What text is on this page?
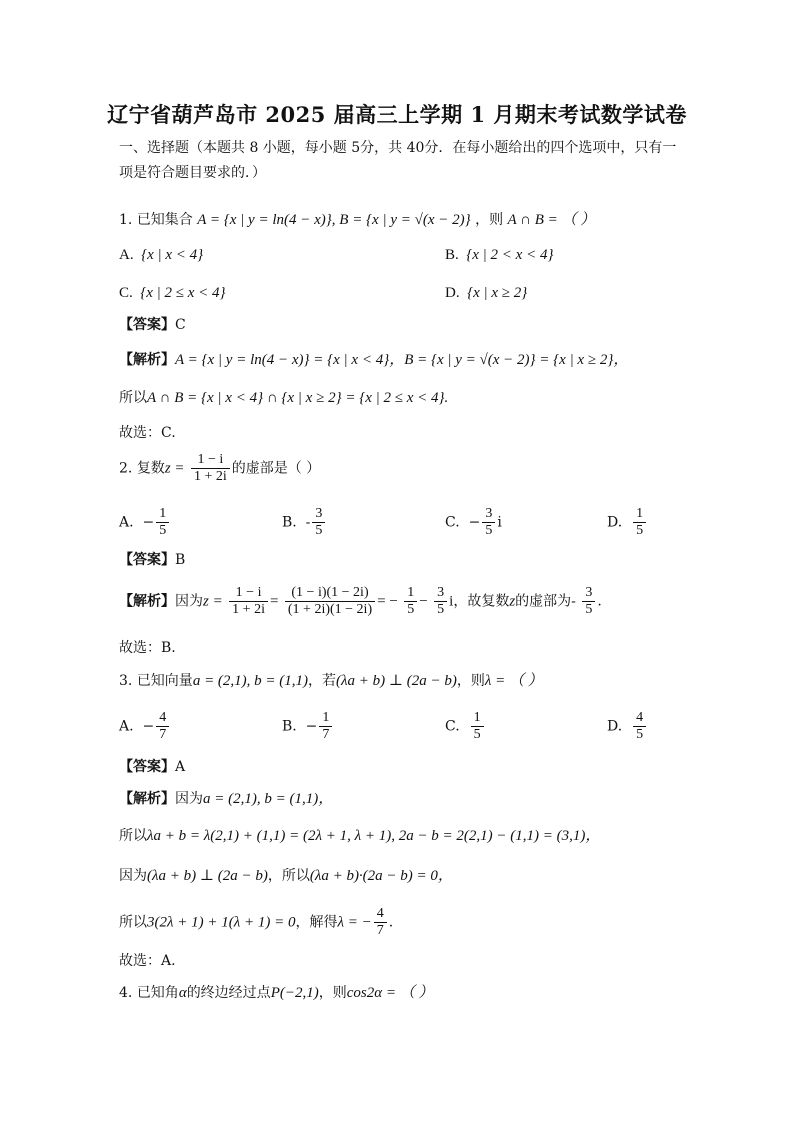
辽宁省葫芦岛市 2025 届高三上学期 1 月期末考试数学试卷
一、选择题（本题共 8 小题，每小题 5分，共 40分．在每小题给出的四个选项中，只有一
项是符合题目要求的．）
1. 已知集合 A = {x | y = ln(4 − x)}, B = {x | y = √(x − 2)} ，则 A ∩ B = （ ）
A. {x | x < 4}	B. {x | 2 < x < 4}
C. {x | 2 ≤ x < 4}	D. {x | x ≥ 2}
【答案】C
【解析】A = {x | y = ln(4 − x)} = {x | x < 4}，B = {x | y = √(x − 2)} = {x | x ≥ 2}，
所以A ∩ B = {x | x < 4} ∩ {x | x ≥ 2} = {x | 2 ≤ x < 4}.
故选：C.
2. 复数$z = \frac{1 - i}{1 + 2i}$ 的虚部是（ ）
A. − $\frac{1}{5}$	B. - $\frac{3}{5}$	C. − $\frac{3}{5}$ i	D. $\frac{1}{5}$
【答案】B
【解析】因为$z = \frac{1 - i}{1 + 2i} = \frac{(1 - i)(1 - 2i)}{(1 + 2i)(1 - 2i)}$ = − $\frac{1}{5} - \frac{3}{5}$ i，故复数z的虚部为- $\frac{3}{5}$ .
故选：B.
3. 已知向量a = (2,1), b = (1,1)，若(λa + b) ⊥ (2a − b)，则λ = （ ）
A. − $\frac{4}{7}$	B. − $\frac{1}{7}$	C. $\frac{1}{5}$	D. $\frac{4}{5}$
【答案】A
【解析】因为a = (2,1), b = (1,1)，
所以λa + b = λ(2,1) + (1,1) = (2λ + 1, λ + 1), 2a − b = 2(2,1) − (1,1) = (3,1)，
因为(λa + b) ⊥ (2a − b)，所以(λa + b)·(2a − b) = 0，
所以3(2λ + 1) + 1(λ + 1) = 0，解得λ = − $\frac{4}{7}$ .
故选：A.
4. 已知角α的终边经过点P(−2,1)，则cos2α = （ ）
